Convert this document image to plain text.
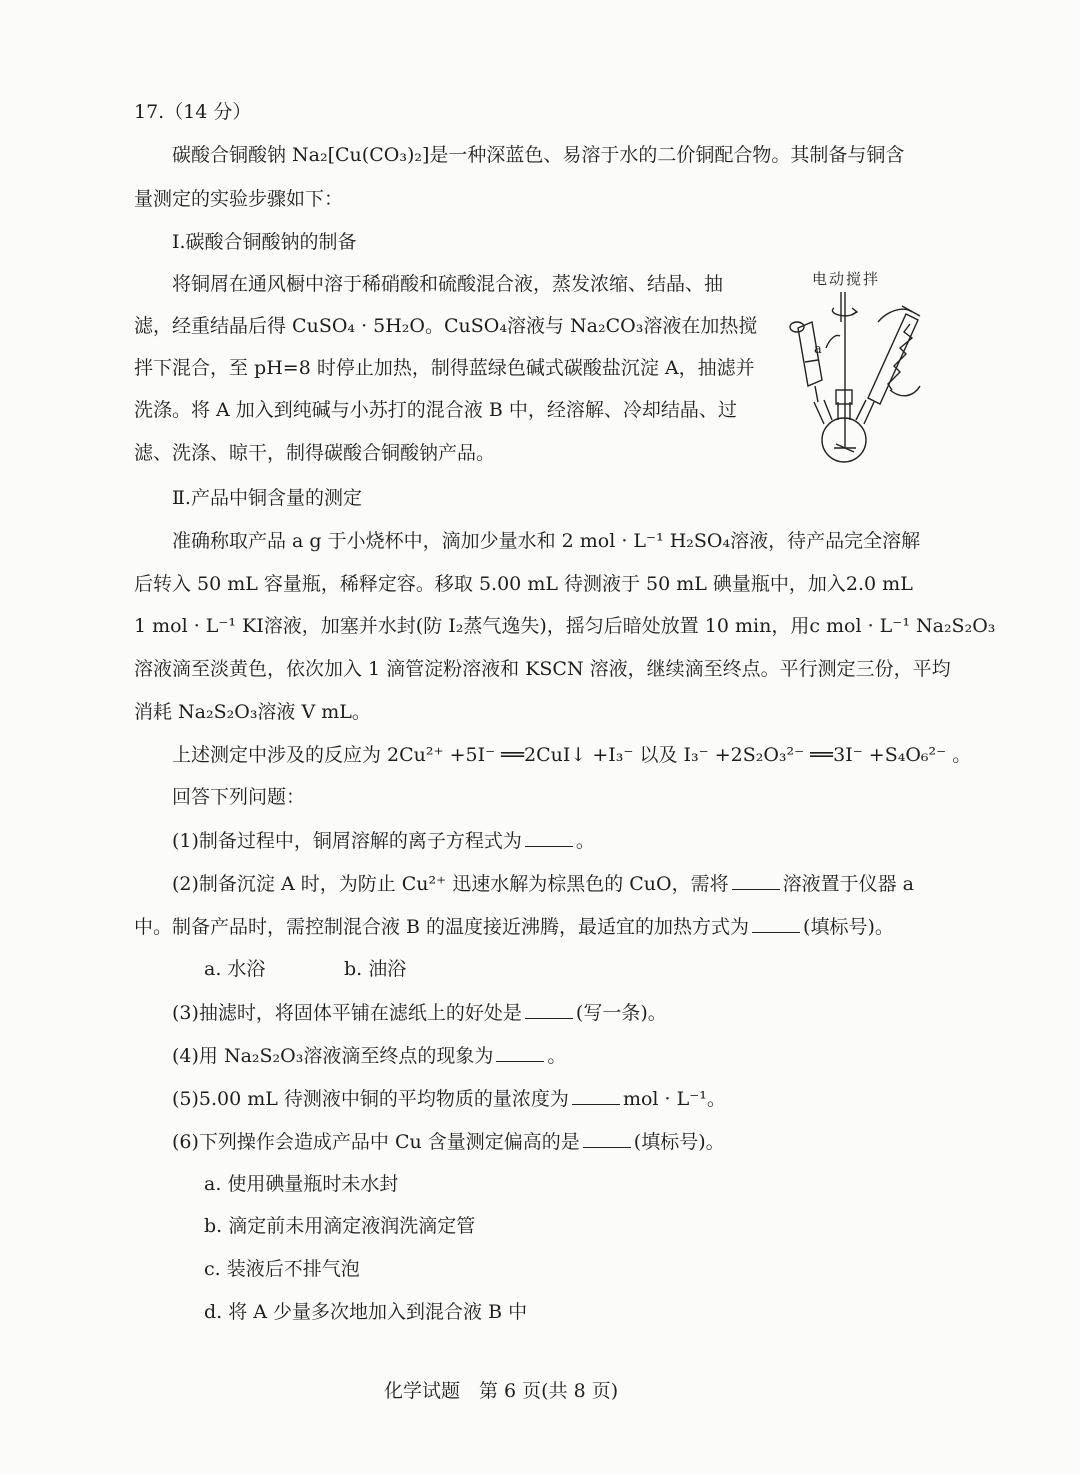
17.（14 分）
碳酸合铜酸钠 Na₂[Cu(CO₃)₂]是一种深蓝色、易溶于水的二价铜配合物。其制备与铜含
量测定的实验步骤如下：
Ⅰ.碳酸合铜酸钠的制备
将铜屑在通风橱中溶于稀硝酸和硫酸混合液，蒸发浓缩、结晶、抽
滤，经重结晶后得 CuSO₄ · 5H₂O。CuSO₄溶液与 Na₂CO₃溶液在加热搅
拌下混合，至 pH=8 时停止加热，制得蓝绿色碱式碳酸盐沉淀 A，抽滤并
洗涤。将 A 加入到纯碱与小苏打的混合液 B 中，经溶解、冷却结晶、过
滤、洗涤、晾干，制得碳酸合铜酸钠产品。
电动搅拌
a
Ⅱ.产品中铜含量的测定
准确称取产品 a g 于小烧杯中，滴加少量水和 2 mol · L⁻¹ H₂SO₄溶液，待产品完全溶解
后转入 50 mL 容量瓶，稀释定容。移取 5.00 mL 待测液于 50 mL 碘量瓶中，加入2.0 mL
1 mol · L⁻¹ KI溶液，加塞并水封(防 I₂蒸气逸失)，摇匀后暗处放置 10 min，用c mol · L⁻¹ Na₂S₂O₃
溶液滴至淡黄色，依次加入 1 滴管淀粉溶液和 KSCN 溶液，继续滴至终点。平行测定三份，平均
消耗 Na₂S₂O₃溶液 V mL。
上述测定中涉及的反应为 2Cu²⁺ +5I⁻ ══2CuI↓ +I₃⁻ 以及 I₃⁻ +2S₂O₃²⁻ ══3I⁻ +S₄O₆²⁻ 。
回答下列问题：
(1)制备过程中，铜屑溶解的离子方程式为	。
(2)制备沉淀 A 时，为防止 Cu²⁺ 迅速水解为棕黑色的 CuO，需将	溶液置于仪器 a
中。制备产品时，需控制混合液 B 的温度接近沸腾，最适宜的加热方式为	(填标号)。
a. 水浴	b. 油浴
(3)抽滤时，将固体平铺在滤纸上的好处是	(写一条)。
(4)用 Na₂S₂O₃溶液滴至终点的现象为	。
(5)5.00 mL 待测液中铜的平均物质的量浓度为	mol · L⁻¹。
(6)下列操作会造成产品中 Cu 含量测定偏高的是	(填标号)。
a. 使用碘量瓶时未水封
b. 滴定前未用滴定液润洗滴定管
c. 装液后不排气泡
d. 将 A 少量多次地加入到混合液 B 中
化学试题　第 6 页(共 8 页)
